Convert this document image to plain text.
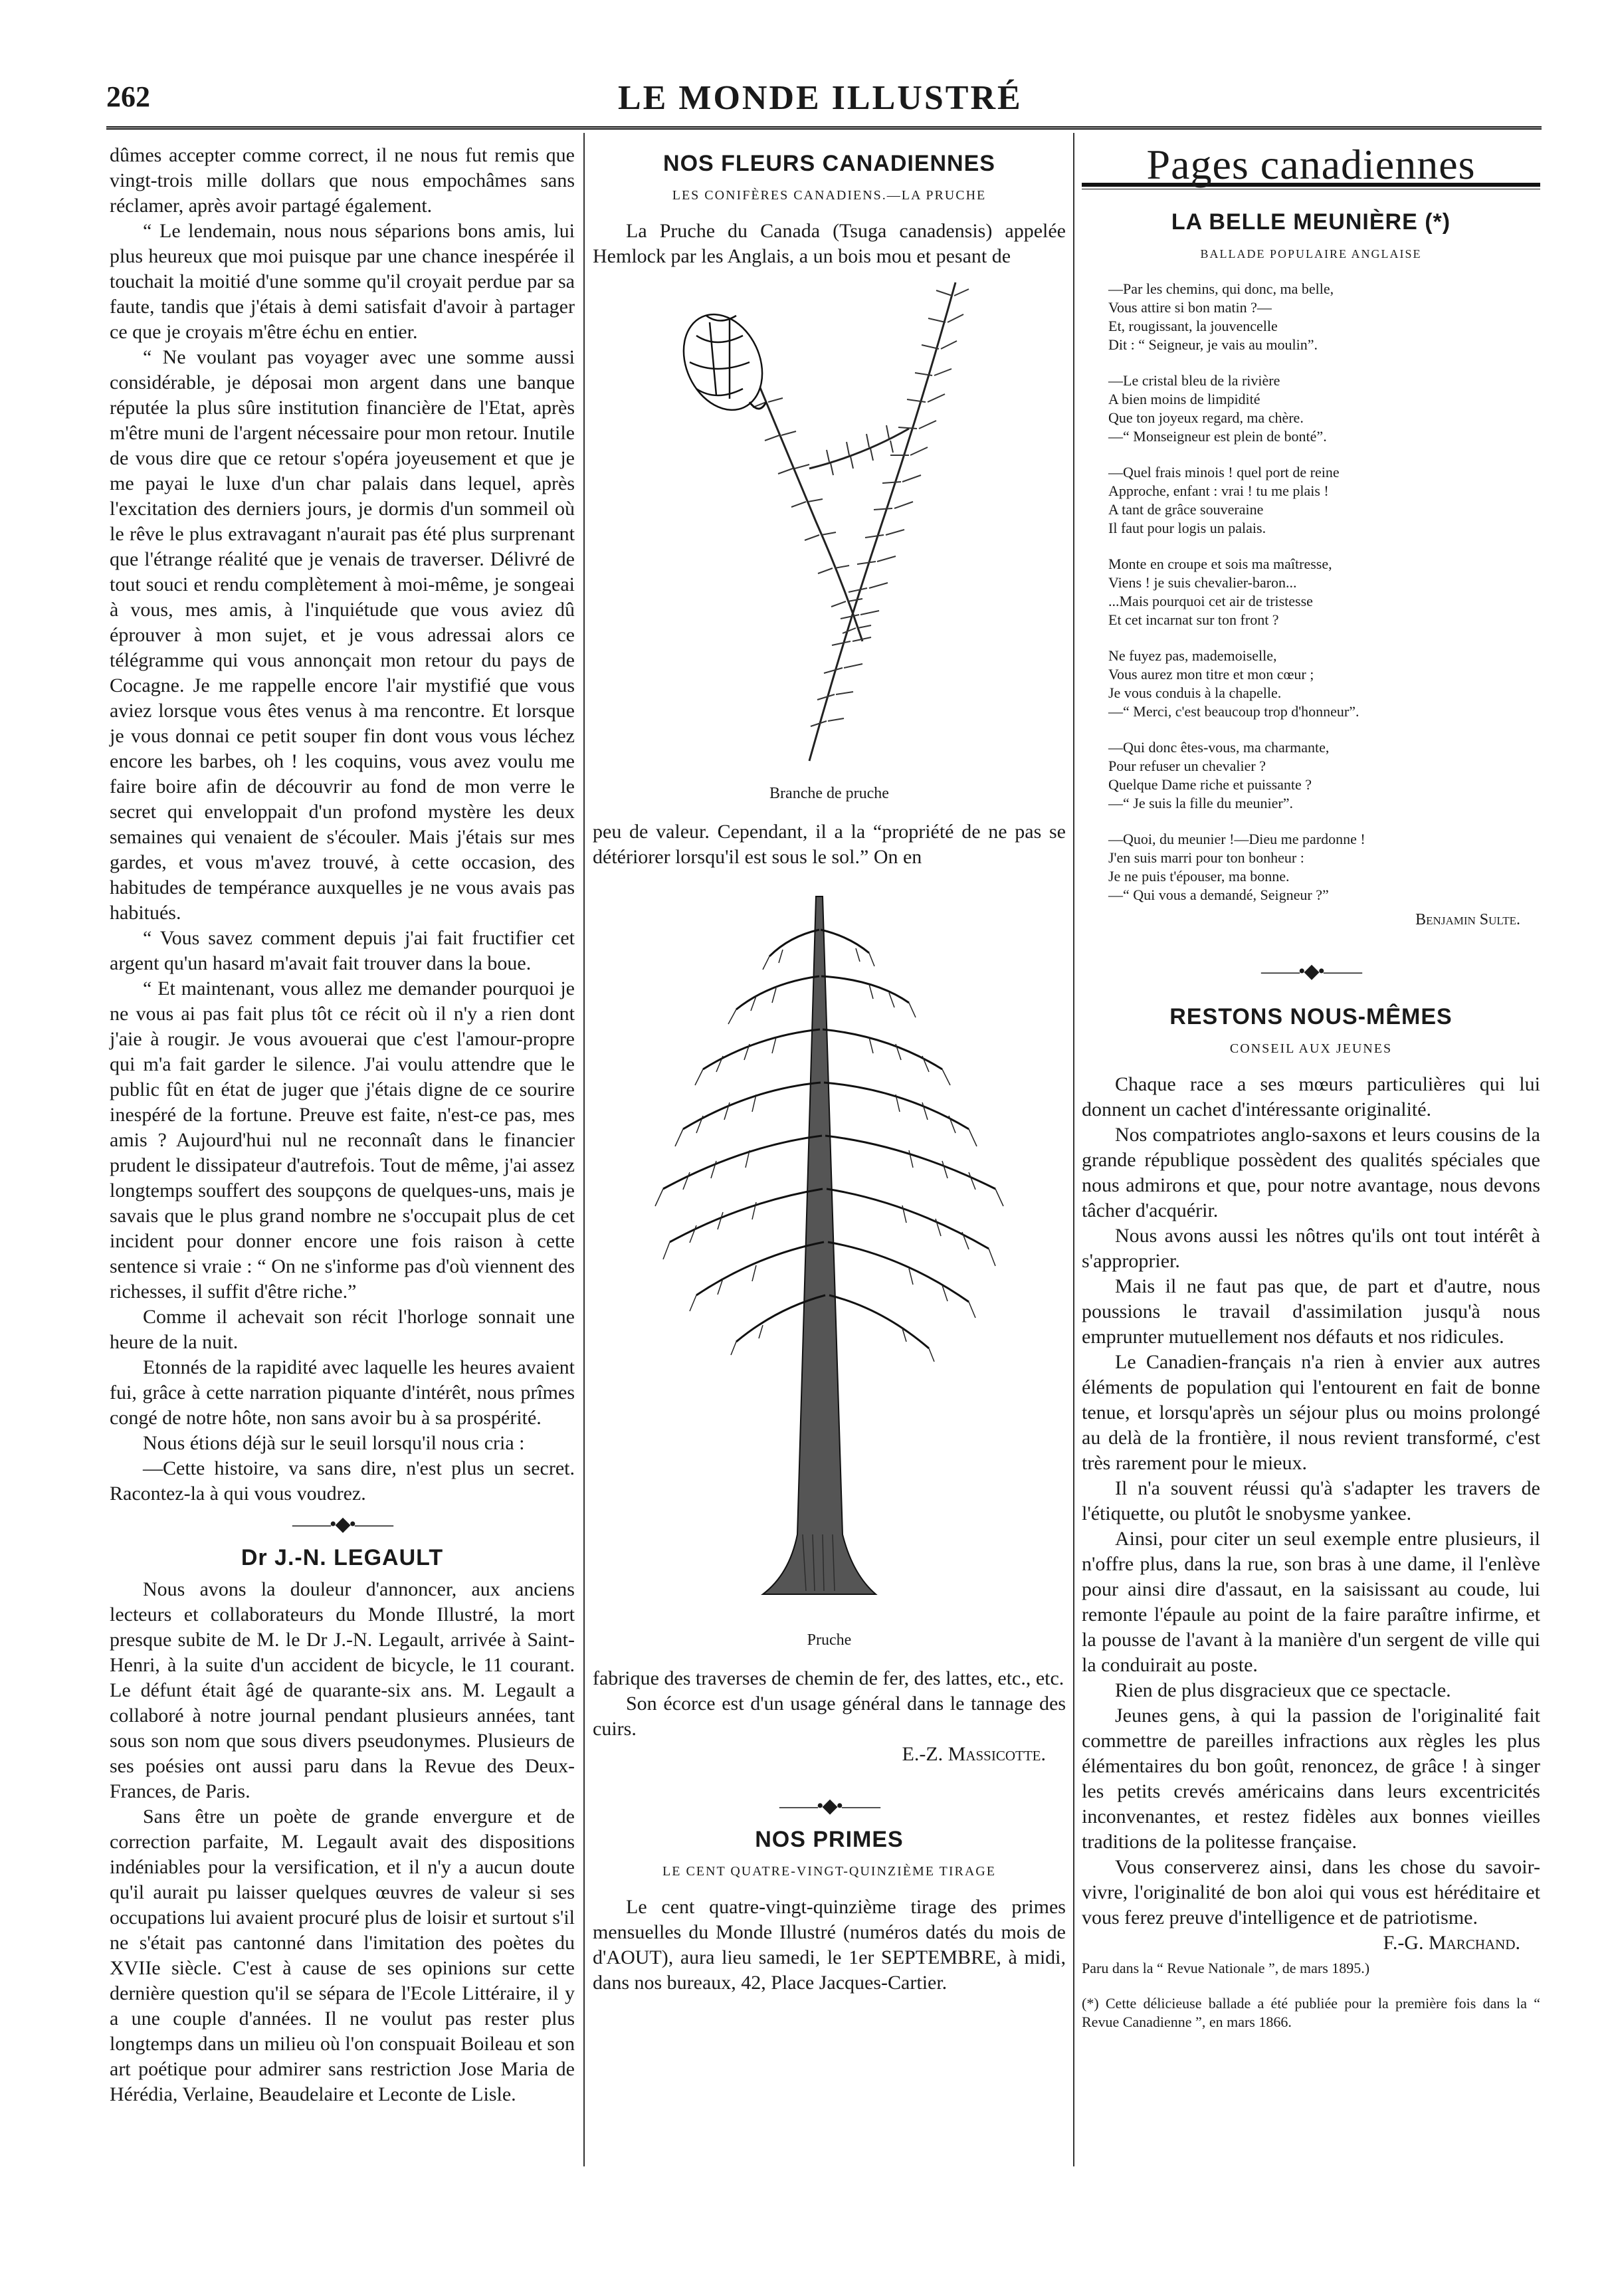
262	LE MONDE ILLUSTRÉ

dûmes accepter comme correct, il ne nous fut remis que vingt-trois mille dollars que nous empochâmes sans réclamer, après avoir partagé également.

“ Le lendemain, nous nous séparions bons amis, lui plus heureux que moi puisque par une chance inespérée il touchait la moitié d'une somme qu'il croyait perdue par sa faute, tandis que j'étais à demi satisfait d'avoir à partager ce que je croyais m'être échu en entier.

“ Ne voulant pas voyager avec une somme aussi considérable, je déposai mon argent dans une banque réputée la plus sûre institution financière de l'Etat, après m'être muni de l'argent nécessaire pour mon retour. Inutile de vous dire que ce retour s'opéra joyeusement et que je me payai le luxe d'un char palais dans lequel, après l'excitation des derniers jours, je dormis d'un sommeil où le rêve le plus extravagant n'aurait pas été plus surprenant que l'étrange réalité que je venais de traverser. Délivré de tout souci et rendu complètement à moi-même, je songeai à vous, mes amis, à l'inquiétude que vous aviez dû éprouver à mon sujet, et je vous adressai alors ce télégramme qui vous annonçait mon retour du pays de Cocagne. Je me rappelle encore l'air mystifié que vous aviez lorsque vous êtes venus à ma rencontre. Et lorsque je vous donnai ce petit souper fin dont vous vous léchez encore les barbes, oh ! les coquins, vous avez voulu me faire boire afin de découvrir au fond de mon verre le secret qui enveloppait d'un profond mystère les deux semaines qui venaient de s'écouler. Mais j'étais sur mes gardes, et vous m'avez trouvé, à cette occasion, des habitudes de tempérance auxquelles je ne vous avais pas habitués.

“ Vous savez comment depuis j'ai fait fructifier cet argent qu'un hasard m'avait fait trouver dans la boue.

“ Et maintenant, vous allez me demander pourquoi je ne vous ai pas fait plus tôt ce récit où il n'y a rien dont j'aie à rougir. Je vous avouerai que c'est l'amour-propre qui m'a fait garder le silence. J'ai voulu attendre que le public fût en état de juger que j'étais digne de ce sourire inespéré de la fortune. Preuve est faite, n'est-ce pas, mes amis ? Aujourd'hui nul ne reconnaît dans le financier prudent le dissipateur d'autrefois. Tout de même, j'ai assez longtemps souffert des soupçons de quelques-uns, mais je savais que le plus grand nombre ne s'occupait plus de cet incident pour donner encore une fois raison à cette sentence si vraie : “ On ne s'informe pas d'où viennent des richesses, il suffit d'être riche.”

Comme il achevait son récit l'horloge sonnait une heure de la nuit.

Etonnés de la rapidité avec laquelle les heures avaient fui, grâce à cette narration piquante d'intérêt, nous prîmes congé de notre hôte, non sans avoir bu à sa prospérité.

Nous étions déjà sur le seuil lorsqu'il nous cria :

—Cette histoire, va sans dire, n'est plus un secret. Racontez-la à qui vous voudrez.

——•◆•——
Dr J.-N. LEGAULT

Nous avons la douleur d'annoncer, aux anciens lecteurs et collaborateurs du Monde Illustré, la mort presque subite de M. le Dr J.-N. Legault, arrivée à Saint-Henri, à la suite d'un accident de bicycle, le 11 courant. Le défunt était âgé de quarante-six ans. M. Legault a collaboré à notre journal pendant plusieurs années, tant sous son nom que sous divers pseudonymes. Plusieurs de ses poésies ont aussi paru dans la Revue des Deux-Frances, de Paris.

Sans être un poète de grande envergure et de correction parfaite, M. Legault avait des dispositions indéniables pour la versification, et il n'y a aucun doute qu'il aurait pu laisser quelques œuvres de valeur si ses occupations lui avaient procuré plus de loisir et surtout s'il ne s'était pas cantonné dans l'imitation des poètes du XVIIe siècle. C'est à cause de ses opinions sur cette dernière question qu'il se sépara de l'Ecole Littéraire, il y a une couple d'années. Il ne voulut pas rester plus longtemps dans un milieu où l'on conspuait Boileau et son art poétique pour admirer sans restriction Jose Maria de Hérédia, Verlaine, Beaudelaire et Leconte de Lisle.

NOS FLEURS CANADIENNES
LES CONIFÈRES CANADIENS.—LA PRUCHE

La Pruche du Canada (Tsuga canadensis) appelée Hemlock par les Anglais, a un bois mou et pesant de

Branche de pruche

peu de valeur. Cependant, il a la “propriété de ne pas se détériorer lorsqu'il est sous le sol.” On en

Pruche

fabrique des traverses de chemin de fer, des lattes, etc., etc.

Son écorce est d'un usage général dans le tannage des cuirs.

E.-Z. Massicotte.

——•◆•——
NOS PRIMES
LE CENT QUATRE-VINGT-QUINZIÈME TIRAGE

Le cent quatre-vingt-quinzième tirage des primes mensuelles du Monde Illustré (numéros datés du mois de d'AOUT), aura lieu samedi, le 1er SEPTEMBRE, à midi, dans nos bureaux, 42, Place Jacques-Cartier.

Pages canadiennes
LA BELLE MEUNIÈRE (*)
BALLADE POPULAIRE ANGLAISE
—Par les chemins, qui donc, ma belle,
Vous attire si bon matin ?—
Et, rougissant, la jouvencelle
Dit : “ Seigneur, je vais au moulin”.
—Le cristal bleu de la rivière
A bien moins de limpidité
Que ton joyeux regard, ma chère.
—“ Monseigneur est plein de bonté”.
—Quel frais minois ! quel port de reine
Approche, enfant : vrai ! tu me plais !
A tant de grâce souveraine
Il faut pour logis un palais.
Monte en croupe et sois ma maîtresse,
Viens ! je suis chevalier-baron...
...Mais pourquoi cet air de tristesse
Et cet incarnat sur ton front ?
Ne fuyez pas, mademoiselle,
Vous aurez mon titre et mon cœur ;
Je vous conduis à la chapelle.
—“ Merci, c'est beaucoup trop d'honneur”.
—Qui donc êtes-vous, ma charmante,
Pour refuser un chevalier ?
Quelque Dame riche et puissante ?
—“ Je suis la fille du meunier”.
—Quoi, du meunier !—Dieu me pardonne !
J'en suis marri pour ton bonheur :
Je ne puis t'épouser, ma bonne.
—“ Qui vous a demandé, Seigneur ?”

Benjamin Sulte.

——•◆•——
RESTONS NOUS-MÊMES
CONSEIL AUX JEUNES

Chaque race a ses mœurs particulières qui lui donnent un cachet d'intéressante originalité.

Nos compatriotes anglo-saxons et leurs cousins de la grande république possèdent des qualités spéciales que nous admirons et que, pour notre avantage, nous devons tâcher d'acquérir.

Nous avons aussi les nôtres qu'ils ont tout intérêt à s'approprier.

Mais il ne faut pas que, de part et d'autre, nous poussions le travail d'assimilation jusqu'à nous emprunter mutuellement nos défauts et nos ridicules.

Le Canadien-français n'a rien à envier aux autres éléments de population qui l'entourent en fait de bonne tenue, et lorsqu'après un séjour plus ou moins prolongé au delà de la frontière, il nous revient transformé, c'est très rarement pour le mieux.

Il n'a souvent réussi qu'à s'adapter les travers de l'étiquette, ou plutôt le snobysme yankee.

Ainsi, pour citer un seul exemple entre plusieurs, il n'offre plus, dans la rue, son bras à une dame, il l'enlève pour ainsi dire d'assaut, en la saisissant au coude, lui remonte l'épaule au point de la faire paraître infirme, et la pousse de l'avant à la manière d'un sergent de ville qui la conduirait au poste.

Rien de plus disgracieux que ce spectacle.

Jeunes gens, à qui la passion de l'originalité fait commettre de pareilles infractions aux règles les plus élémentaires du bon goût, renoncez, de grâce ! à singer les petits crevés américains dans leurs excentricités inconvenantes, et restez fidèles aux bonnes vieilles traditions de la politesse française.

Vous conserverez ainsi, dans les chose du savoir-vivre, l'originalité de bon aloi qui vous est héréditaire et vous ferez preuve d'intelligence et de patriotisme.

F.-G. Marchand.

Paru dans la “ Revue Nationale ”, de mars 1895.)

(*) Cette délicieuse ballade a été publiée pour la première fois dans la “ Revue Canadienne ”, en mars 1866.
